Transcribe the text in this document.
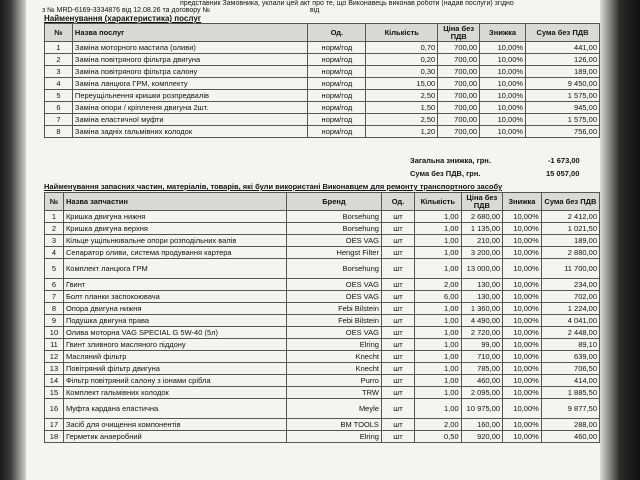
представник Замовника, уклали цей акт про те, що Виконавець виконав роботи (надав послуги) згідно
з № MRD-6169-3334876 від 12.08.26 та договору №	від
Найменування (характеристика) послуг
№	Назва послуг	Од.	Кількість	Ціна без ПДВ	Знижка	Сума без ПДВ
1	Заміна моторного мастила (оливи)	норм/год	0,70	700,00	10,00%	441,00
2	Заміна повітряного фільтра двигуна	норм/год	0,20	700,00	10,00%	126,00
3	Заміна повітряного фільтра салону	норм/год	0,30	700,00	10,00%	189,00
4	Заміна ланцюга ГРМ, комплекту	норм/год	15,00	700,00	10,00%	9 450,00
5	Переущільнення кришки розпредвалів	норм/год	2,50	700,00	10,00%	1 575,00
6	Заміна опори / кріплення двигуна 2шт.	норм/год	1,50	700,00	10,00%	945,00
7	Заміна еластичної муфти	норм/год	2,50	700,00	10,00%	1 575,00
8	Заміна задніх гальмівних колодок	норм/год	1,20	700,00	10,00%	756,00
Загальна знижка, грн.	-1 673,00
Сума без ПДВ, грн.	15 057,00
Найменування запасних частин, матеріалів, товарів, які були використані Виконавцем для ремонту транспортного засобу
№	Назва запчастин	Бренд	Од.	Кількість	Ціна без ПДВ	Знижка	Сума без ПДВ
1	Кришка двигуна нижня	Borsehung	шт	1,00	2 680,00	10,00%	2 412,00
2	Кришка двигуна верхня	Borsehung	шт	1,00	1 135,00	10,00%	1 021,50
3	Кільце ущільнювальне опори розподільних валів	OES VAG	шт	1,00	210,00	10,00%	189,00
4	Сепаратор оливи, система продування картера	Hengst Filter	шт	1,00	3 200,00	10,00%	2 880,00
5	Комплект ланцюга ГРМ	Borsehung	шт	1,00	13 000,00	10,00%	11 700,00
6	Гвинт	OES VAG	шт	2,00	130,00	10,00%	234,00
7	Болт планки заспокоювача	OES VAG	шт	6,00	130,00	10,00%	702,00
8	Опора двигуна нижня	Febi Bilstein	шт	1,00	1 360,00	10,00%	1 224,00
9	Подушка двигуна права	Febi Bilstein	шт	1,00	4 490,00	10,00%	4 041,00
10	Олива моторна VAG SPECIAL G 5W-40 (5л)	OES VAG	шт	1,00	2 720,00	10,00%	2 448,00
11	Гвинт зливного масляного піддону	Elring	шт	1,00	99,00	10,00%	89,10
12	Масляний фільтр	Knecht	шт	1,00	710,00	10,00%	639,00
13	Повітряний фільтр двигуна	Knecht	шт	1,00	785,00	10,00%	706,50
14	Фільтр повітряний салону з іонами срібла	Purro	шт	1,00	460,00	10,00%	414,00
15	Комплект гальмівних колодок	TRW	шт	1,00	2 095,00	10,00%	1 885,50
16	Муфта кардана еластична	Meyle	шт	1,00	10 975,00	10,00%	9 877,50
17	Засіб для очищення компонентів	BM TOOLS	шт	2,00	160,00	10,00%	288,00
18	Герметик анаеробний	Elring	шт	0,50	920,00	10,00%	460,00
